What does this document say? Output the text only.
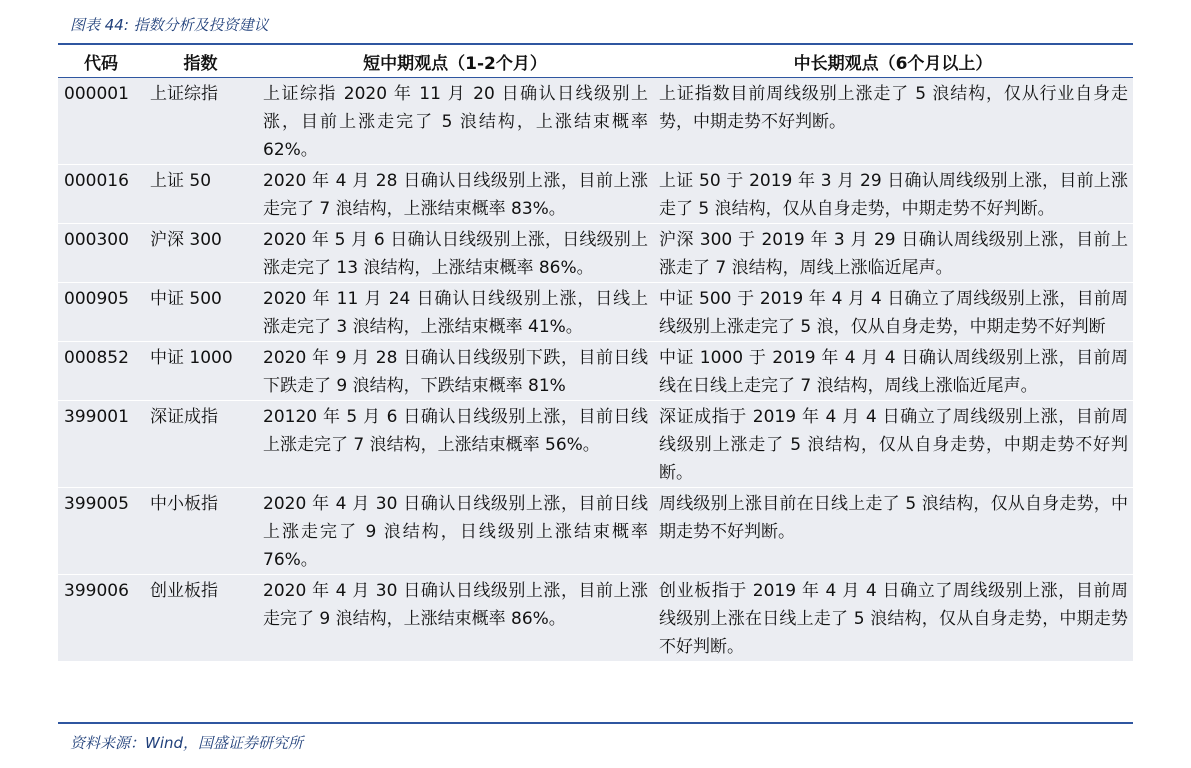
图表 44: 指数分析及投资建议
代码	指数	短中期观点（1-2个月）	中长期观点（6个月以上）
000001	上证综指	上证综指 2020 年 11 月 20 日确认日线级别上涨，目前上涨走完了 5 浪结构，上涨结束概率 62%。	上证指数目前周线级别上涨走了 5 浪结构，仅从行业自身走势，中期走势不好判断。
000016	上证 50	2020 年 4 月 28 日确认日线级别上涨，目前上涨走完了 7 浪结构，上涨结束概率 83%。	上证 50 于 2019 年 3 月 29 日确认周线级别上涨，目前上涨走了 5 浪结构，仅从自身走势，中期走势不好判断。
000300	沪深 300	2020 年 5 月 6 日确认日线级别上涨，日线级别上涨走完了 13 浪结构，上涨结束概率 86%。	沪深 300 于 2019 年 3 月 29 日确认周线级别上涨，目前上涨走了 7 浪结构，周线上涨临近尾声。
000905	中证 500	2020 年 11 月 24 日确认日线级别上涨，日线上涨走完了 3 浪结构，上涨结束概率 41%。	中证 500 于 2019 年 4 月 4 日确立了周线级别上涨，目前周线级别上涨走完了 5 浪，仅从自身走势，中期走势不好判断
000852	中证 1000	2020 年 9 月 28 日确认日线级别下跌，目前日线下跌走了 9 浪结构，下跌结束概率 81%	中证 1000 于 2019 年 4 月 4 日确认周线级别上涨，目前周线在日线上走完了 7 浪结构，周线上涨临近尾声。
399001	深证成指	20120 年 5 月 6 日确认日线级别上涨，目前日线上涨走完了 7 浪结构，上涨结束概率 56%。	深证成指于 2019 年 4 月 4 日确立了周线级别上涨，目前周线级别上涨走了 5 浪结构，仅从自身走势，中期走势不好判断。
399005	中小板指	2020 年 4 月 30 日确认日线级别上涨，目前日线上涨走完了 9 浪结构，日线级别上涨结束概率 76%。	周线级别上涨目前在日线上走了 5 浪结构，仅从自身走势，中期走势不好判断。
399006	创业板指	2020 年 4 月 30 日确认日线级别上涨，目前上涨走完了 9 浪结构，上涨结束概率 86%。	创业板指于 2019 年 4 月 4 日确立了周线级别上涨，目前周线级别上涨在日线上走了 5 浪结构，仅从自身走势，中期走势不好判断。
资料来源：Wind，国盛证券研究所
